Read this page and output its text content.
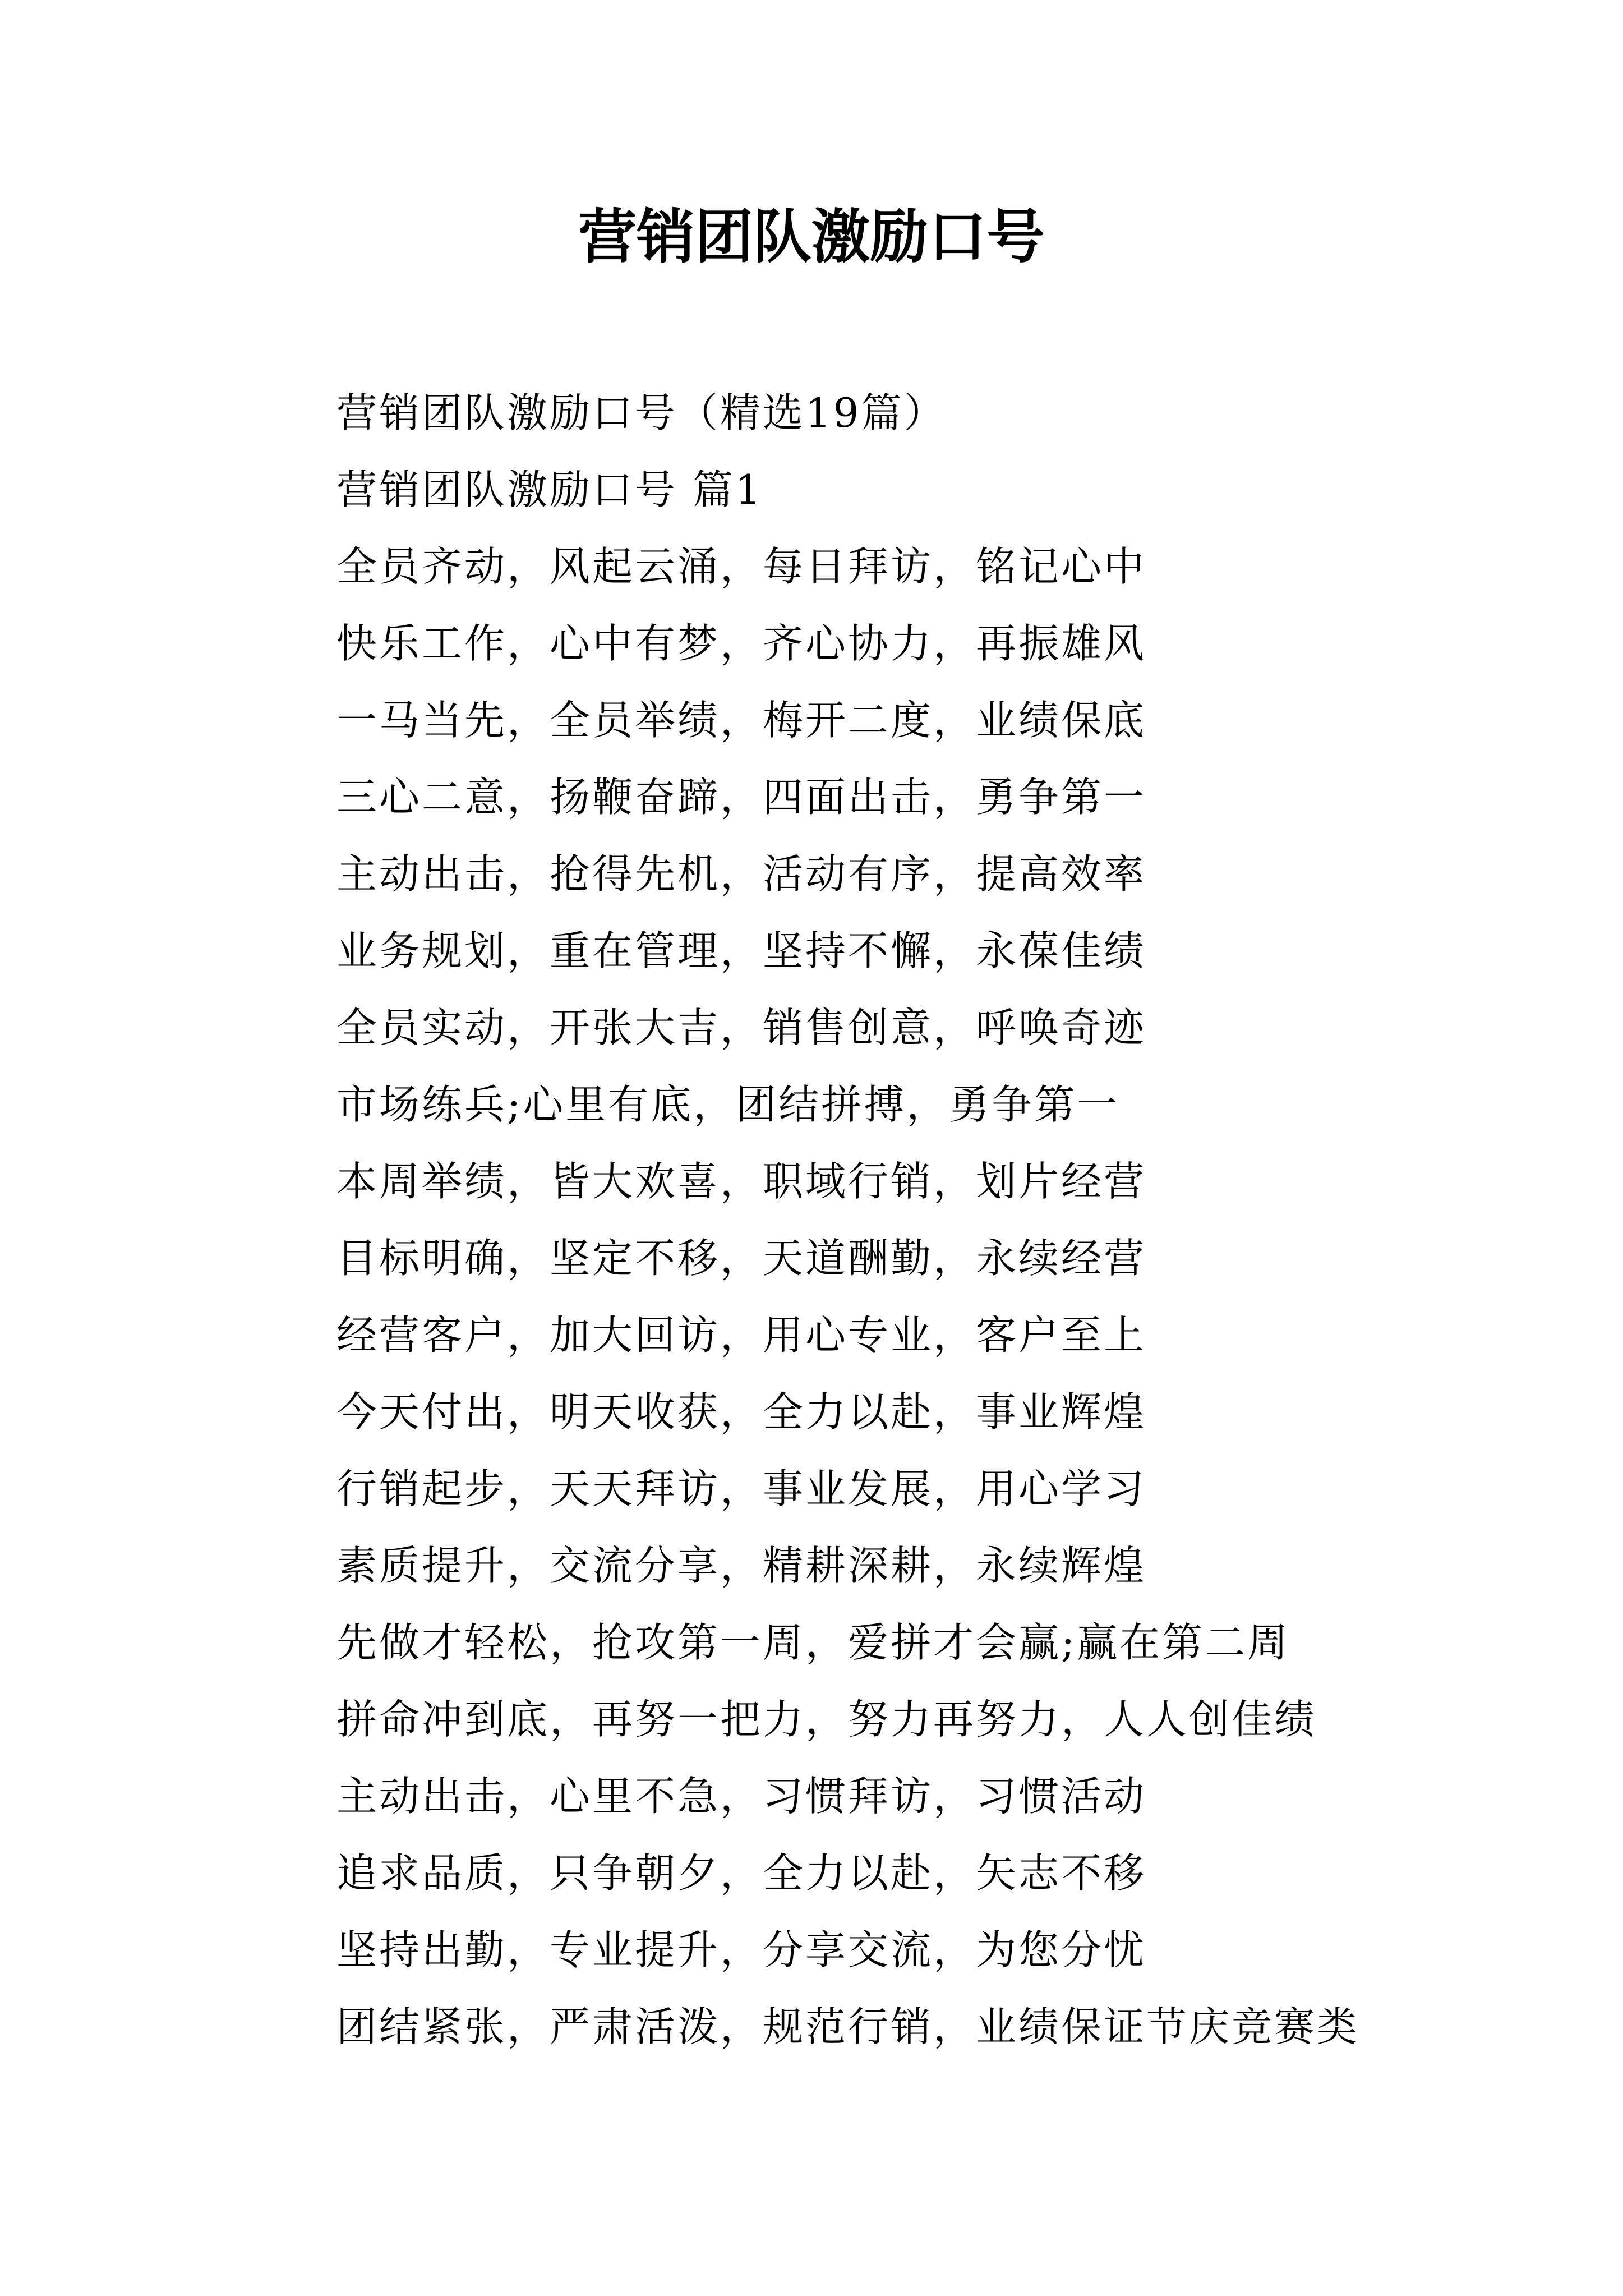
营销团队激励口号
营销团队激励口号（精选19篇）
营销团队激励口号 篇1
全员齐动，风起云涌，每日拜访，铭记心中
快乐工作，心中有梦，齐心协力，再振雄风
一马当先，全员举绩，梅开二度，业绩保底
三心二意，扬鞭奋蹄，四面出击，勇争第一
主动出击，抢得先机，活动有序，提高效率
业务规划，重在管理，坚持不懈，永葆佳绩
全员实动，开张大吉，销售创意，呼唤奇迹
市场练兵;心里有底，团结拼搏，勇争第一
本周举绩，皆大欢喜，职域行销，划片经营
目标明确，坚定不移，天道酬勤，永续经营
经营客户，加大回访，用心专业，客户至上
今天付出，明天收获，全力以赴，事业辉煌
行销起步，天天拜访，事业发展，用心学习
素质提升，交流分享，精耕深耕，永续辉煌
先做才轻松，抢攻第一周，爱拼才会赢;赢在第二周
拼命冲到底，再努一把力，努力再努力，人人创佳绩
主动出击，心里不急，习惯拜访，习惯活动
追求品质，只争朝夕，全力以赴，矢志不移
坚持出勤，专业提升，分享交流，为您分忧
团结紧张，严肃活泼，规范行销，业绩保证节庆竞赛类
